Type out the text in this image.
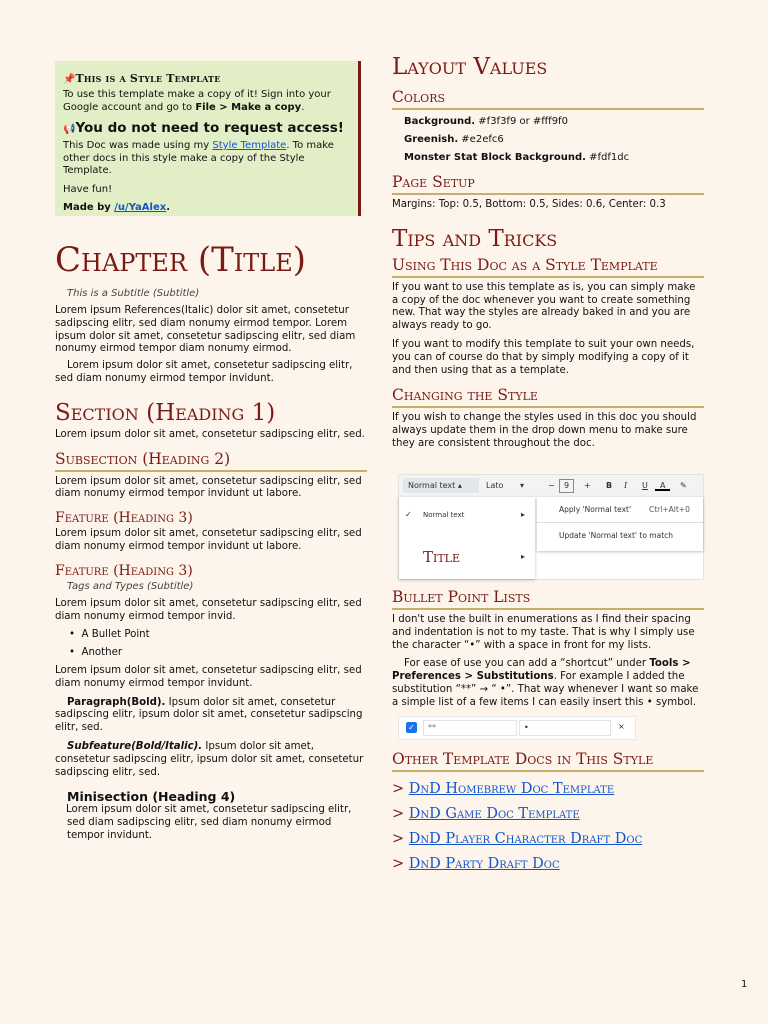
📌This is a Style Template

To use this template make a copy of it! Sign into your
Google account and go to File > Make a copy.

📢You do not need to request access!

This Doc was made using my Style Template. To make other docs in this style make a copy of the Style Template.

Have fun!

Made by /u/YaAlex.

Chapter (Title)
This is a Subtitle (Subtitle)

Lorem ipsum References(Italic) dolor sit amet, consetetur sadipscing elitr, sed diam nonumy eirmod tempor. Lorem ipsum dolor sit amet, consetetur sadipscing elitr, sed diam nonumy eirmod tempor diam nonumy eirmod.

Lorem ipsum dolor sit amet, consetetur sadipscing elitr, sed diam nonumy eirmod tempor invidunt.

Section (Heading 1)

Lorem ipsum dolor sit amet, consetetur sadipscing elitr, sed.

Subsection (Heading 2)

Lorem ipsum dolor sit amet, consetetur sadipscing elitr, sed diam nonumy eirmod tempor invidunt ut labore.

Feature (Heading 3)

Lorem ipsum dolor sit amet, consetetur sadipscing elitr, sed diam nonumy eirmod tempor invidunt ut labore.

Feature (Heading 3)
Tags and Types (Subtitle)

Lorem ipsum dolor sit amet, consetetur sadipscing elitr, sed diam nonumy eirmod tempor invid.

• A Bullet Point

• Another

Lorem ipsum dolor sit amet, consetetur sadipscing elitr, sed diam nonumy eirmod tempor invidunt.

Paragraph(Bold). Ipsum dolor sit amet, consetetur sadipscing elitr, ipsum dolor sit amet, consetetur sadipscing elitr, sed.

Subfeature(Bold/Italic). Ipsum dolor sit amet, consetetur sadipscing elitr, ipsum dolor sit amet, consetetur sadipscing elitr, sed.

Minisection (Heading 4)

Lorem ipsum dolor sit amet, consetetur sadipscing elitr, sed diam sadipscing elitr, sed diam nonumy eirmod tempor invidunt.

Layout Values
Colors

Background. #f3f3f9 or #fff9f0

Greenish. #e2efc6

Monster Stat Block Background. #fdf1dc

Page Setup

Margins: Top: 0.5, Bottom: 0.5, Sides: 0.6, Center: 0.3

Tips and Tricks
Using This Doc as a Style Template

If you want to use this template as is, you can simply make a copy of the doc whenever you want to create something new. That way the styles are already baked in and you are always ready to go.

If you want to modify this template to suit your own needs, you can of course do that by simply modifying a copy of it and then using that as a template.

Changing the Style

If you wish to change the styles used in this doc you should always update them in the drop down menu to make sure they are consistent throughout the doc.

Normal text ▴	Lato ▾	−	9	+	B	I	U	A	✎
✓ Normal text	▸
Title	▸
Apply 'Normal text' Ctrl+Alt+0
Update 'Normal text' to match
Bullet Point Lists

I don't use the built in enumerations as I find their spacing and indentation is not to my taste. That is why I simply use the character “•” with a space in front for my lists.

For ease of use you can add a “shortcut” under Tools > Preferences > Substitutions. For example I added the substitution “**” → “ •”. That way whenever I want so make a simple list of a few items I can easily insert this • symbol.

✓	**	•	×
Other Template Docs in This Style
> DnD Homebrew Doc Template
> DnD Game Doc Template
> DnD Player Character Draft Doc
> DnD Party Draft Doc
1
